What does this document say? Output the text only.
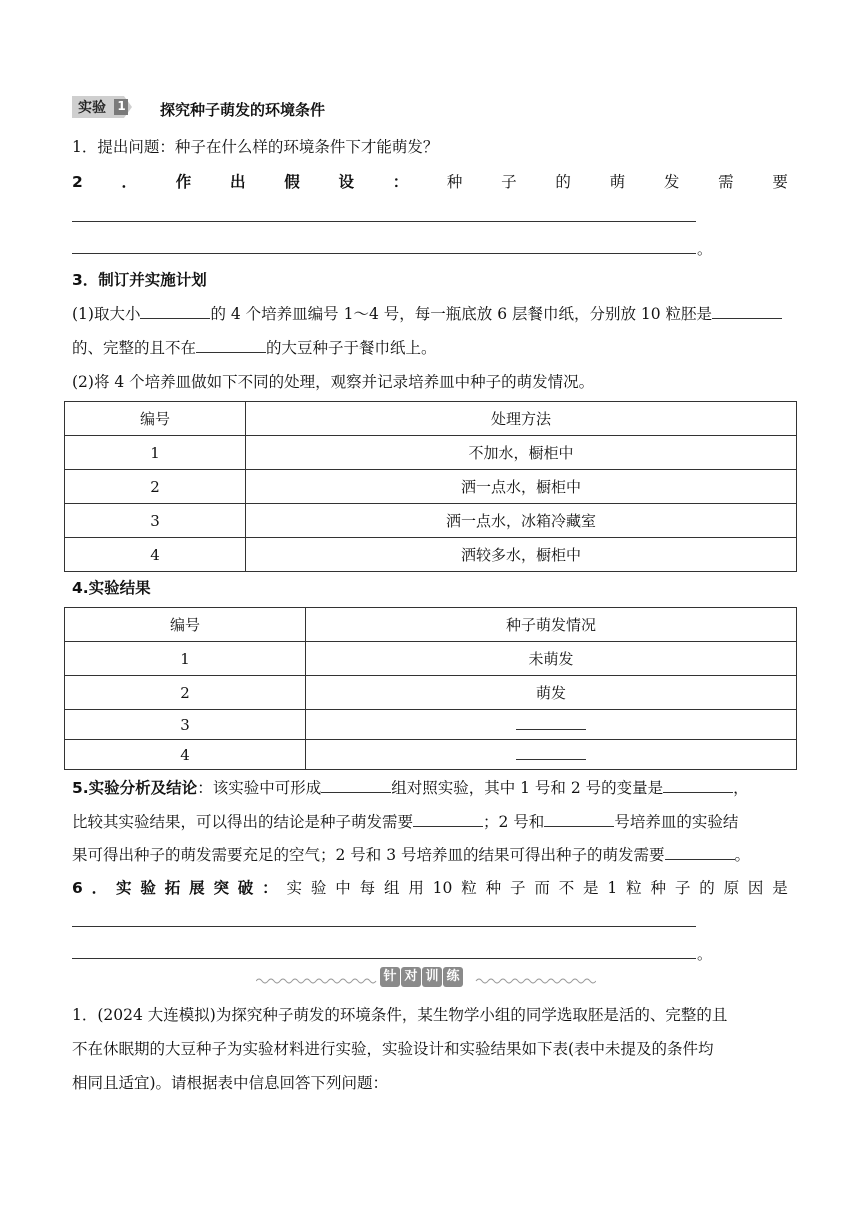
实验 1 探究种子萌发的环境条件
1．提出问题：种子在什么样的环境条件下才能萌发？
2 ． 作 出 假 设 ： 种 子 的 萌 发 需 要
。
3．制订并实施计划
(1)取大小	的 4 个培养皿编号 1～4 号，每一瓶底放 6 层餐巾纸，分别放 10 粒胚是
的、完整的且不在	的大豆种子于餐巾纸上。
(2)将 4 个培养皿做如下不同的处理，观察并记录培养皿中种子的萌发情况。
编号	处理方法
1	不加水，橱柜中
2	洒一点水，橱柜中
3	洒一点水，冰箱冷藏室
4	洒较多水，橱柜中
4.实验结果
编号	种子萌发情况
1	未萌发
2	萌发
3	
4	
5.实验分析及结论：该实验中可形成	组对照实验，其中 1 号和 2 号的变量是	，
比较其实验结果，可以得出的结论是种子萌发需要	；2 号和	号培养皿的实验结
果可得出种子的萌发需要充足的空气；2 号和 3 号培养皿的结果可得出种子的萌发需要	。
6 ． 实 验 拓 展 突 破 ： 实 验 中 每 组 用 10 粒 种 子 而 不 是 1 粒 种 子 的 原 因 是
。
针 对 训 练
1．(2024 大连模拟)为探究种子萌发的环境条件，某生物学小组的同学选取胚是活的、完整的且
不在休眠期的大豆种子为实验材料进行实验，实验设计和实验结果如下表(表中未提及的条件均
相同且适宜)。请根据表中信息回答下列问题：
